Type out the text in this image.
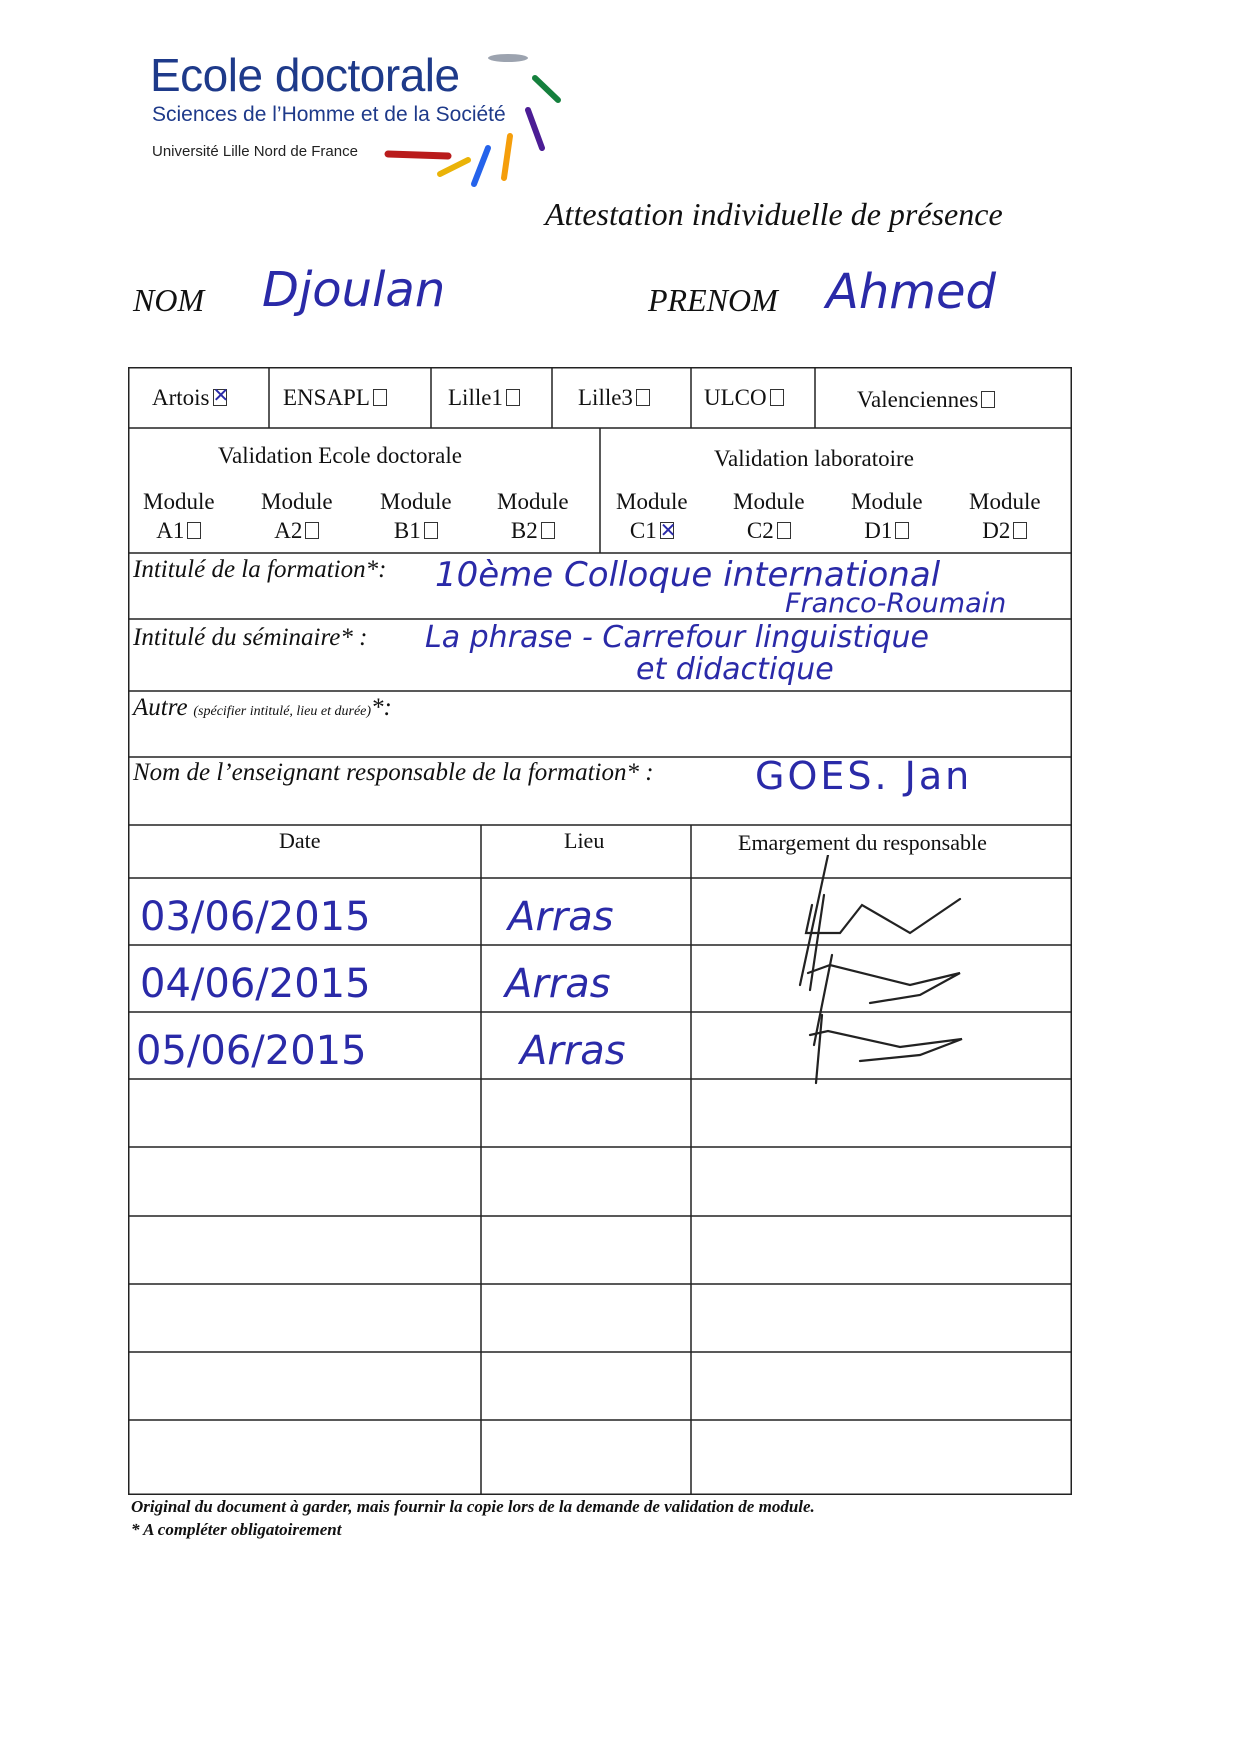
Ecole doctorale
Sciences de l’Homme et de la Société
Université Lille Nord de France
Attestation individuelle de présence
NOM Djoulan	PRENOM Ahmed
Artois✕	ENSAPL	Lille1	Lille3	ULCO	Valenciennes
Validation Ecole doctorale	Validation laboratoire
Module
A1
Module
A2
Module
B1
Module
B2
Module
C1✕
Module
C2
Module
D1
Module
D2
Intitulé de la formation*: 10ème Colloque international
Franco-Roumain
Intitulé du séminaire* : La phrase - Carrefour linguistique
et didactique
Autre (spécifier intitulé, lieu et durée)*:
Nom de l’enseignant responsable de la formation* :	GOES. Jan
Date	Lieu	Emargement du responsable
03/06/2015	Arras
04/06/2015	Arras
05/06/2015	Arras
Original du document à garder, mais fournir la copie lors de la demande de validation de module.
* A compléter obligatoirement
